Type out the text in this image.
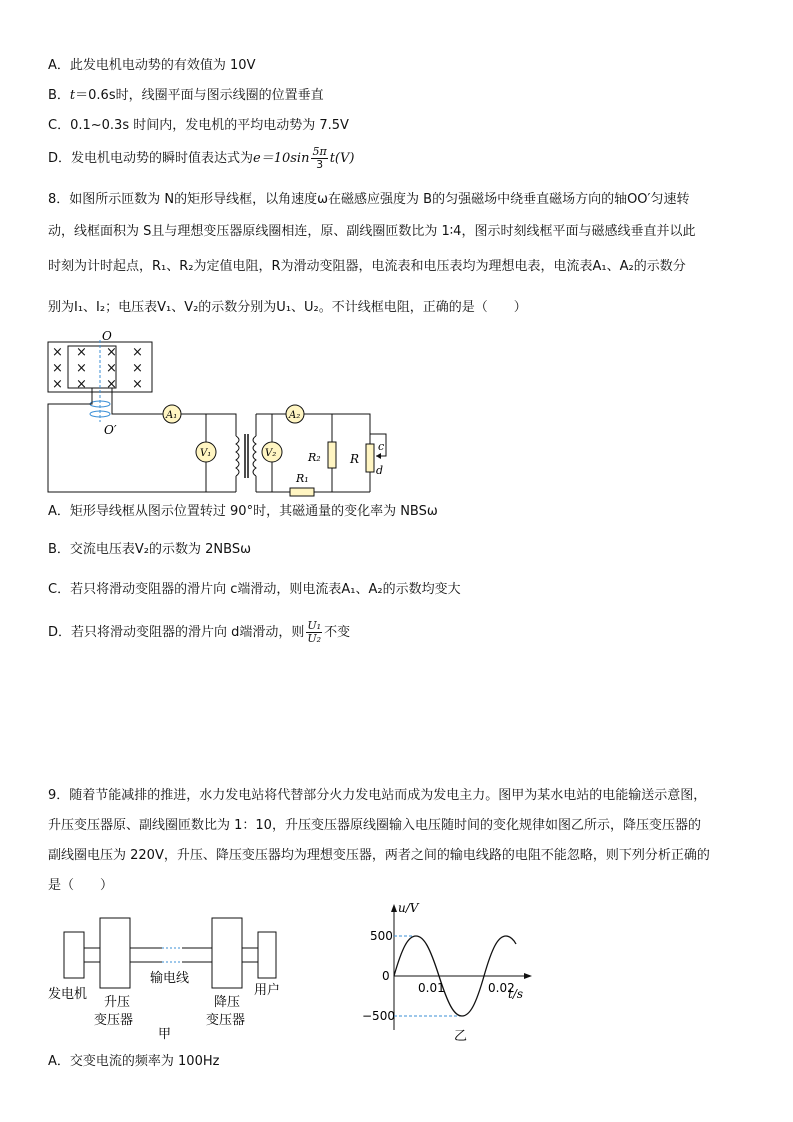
A．此发电机电动势的有效值为 10V
B．t＝0.6s时，线圈平面与图示线圈的位置垂直
C．0.1~0.3s 时间内，发电机的平均电动势为 7.5V
D．发电机电动势的瞬时值表达式为$e=10\sin \frac{5\pi}{3} t(V)$
8．如图所示匝数为 N的矩形导线框，以角速度ω在磁感应强度为 B的匀强磁场中绕垂直磁场方向的轴OO′匀速转
动，线框面积为 S且与理想变压器原线圈相连，原、副线圈匝数比为 1∶4，图示时刻线框平面与磁感线垂直并以此
时刻为计时起点，R₁、R₂为定值电阻，R为滑动变阻器，电流表和电压表均为理想电表，电流表A₁、A₂的示数分
别为I₁、I₂；电压表V₁、V₂的示数分别为U₁、U₂。不计线框电阻，正确的是（　　）
× × × ×
× × × ×
× × × ×
O
O′
A₁
V₁
A₂
V₂
R₁
R₂ R
c
d
A．矩形导线框从图示位置转过 90°时，其磁通量的变化率为 NBSω
B．交流电压表V₂的示数为 2NBSω
C．若只将滑动变阻器的滑片向 c端滑动，则电流表A₁、A₂的示数均变大
D．若只将滑动变阻器的滑片向 d端滑动，则 $\frac{\text{U₁}}{\text{U₂}}$ 不变
9．随着节能减排的推进，水力发电站将代替部分火力发电站而成为发电主力。图甲为某水电站的电能输送示意图，
升压变压器原、副线圈匝数比为 1：10，升压变压器原线圈输入电压随时间的变化规律如图乙所示，降压变压器的
副线圈电压为 220V，升压、降压变压器均为理想变压器，两者之间的输电线路的电阻不能忽略，则下列分析正确的
是（　　）
发电机
升压
变压器
输电线
降压
变压器
用户
甲
u/V
t/s
500
0
−500
0.01	0.02
乙
A．交变电流的频率为 100Hz
